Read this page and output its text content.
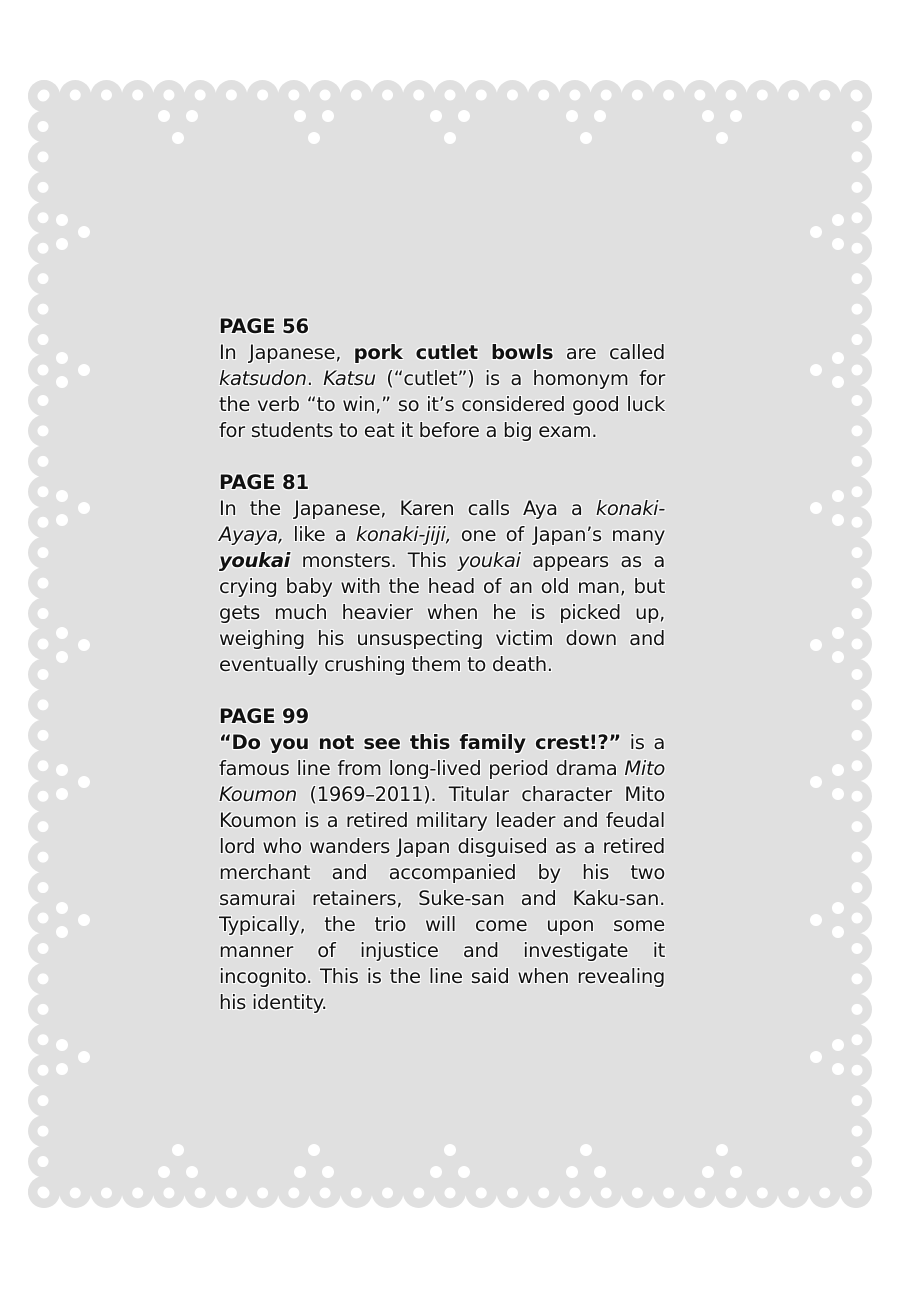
PAGE 56

In Japanese, pork cutlet bowls are called katsudon. Katsu (“cutlet”) is a homonym for the verb “to win,” so it’s considered good luck for students to eat it before a big exam.

PAGE 81

In the Japanese, Karen calls Aya a konaki-Ayaya, like a konaki-jiji, one of Japan’s many youkai monsters. This youkai appears as a crying baby with the head of an old man, but gets much heavier when he is picked up, weighing his unsuspecting victim down and eventually crushing them to death.

PAGE 99

“Do you not see this family crest!?” is a famous line from long-lived period drama Mito Koumon (1969–2011). Titular character Mito Koumon is a retired military leader and feudal lord who wanders Japan disguised as a retired merchant and accompanied by his two samurai retainers, Suke-san and Kaku-san. Typically, the trio will come upon some manner of injustice and investigate it incognito. This is the line said when revealing his identity.
